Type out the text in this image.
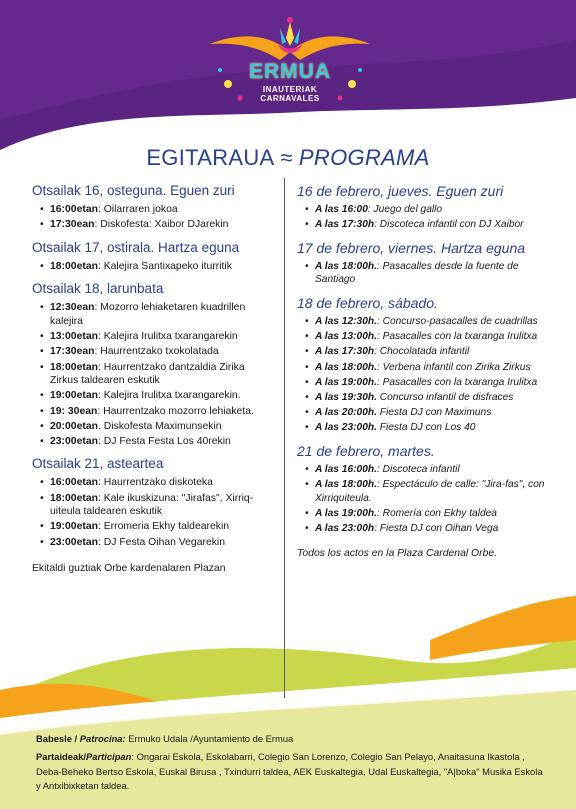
ERMUA
INAUTERIAK
CARNAVALES
EGITARAUA ≈ PROGRAMA
Otsailak 16, osteguna. Eguen zuri
• 16:00etan: Oilarraren jokoa
• 17:30ean: Diskofesta: Xaibor DJarekin
Otsailak 17, ostirala. Hartza eguna
• 18:00etan: Kalejira Santixapeko iturritik
Otsailak 18, larunbata
• 12:30ean: Mozorro lehiaketaren kuadrillen kalejira
• 13:00etan: Kalejira Irulitxa txarangarekin
• 17:30ean: Haurrentzako txokolatada
• 18:00etan: Haurrentzako dantzaldia Zirika Zirkus taldearen eskutik
• 19:00etan: Kalejira Irulitxa txarangarekin.
• 19: 30ean: Haurrentzako mozorro lehiaketa.
• 20:00etan. Diskofesta Maximunsekin
• 23:00etan: DJ Festa Festa Los 40rekin
Otsailak 21, asteartea
• 16:00etan: Haurrentzako diskoteka
• 18:00etan: Kale ikuskizuna: "Jirafas", Xirriq-uiteula taldearen eskutik
• 19:00etan: Erromeria Ekhy taldearekin
• 23:00etan: DJ Festa Oihan Vegarekin
Ekitaldi guztiak Orbe kardenalaren Plazan
16 de febrero, jueves. Eguen zuri
• A las 16:00: Juego del gallo
• A las 17:30h: Discoteca infantil con DJ Xaibor
17 de febrero, viernes. Hartza eguna
• A las 18:00h.: Pasacalles desde la fuente de Santiago
18 de febrero, sábado.
• A las 12:30h.: Concurso-pasacalles de cuadrillas
• A las 13:00h.: Pasacalles con la txaranga Irulitxa
• A las 17:30h: Chocolatada infantil
• A las 18:00h.: Verbena infantil con Zirika Zirkus
• A las 19:00h.: Pasacalles con la txaranga Irulitxa
• A las 19:30h. Concurso infantil de disfraces
• A las 20:00h. Fiesta DJ con Maximuns
• A las 23:00h. Fiesta DJ con Los 40
21 de febrero, martes.
• A las 16:00h.: Discoteca infantil
• A las 18:00h.: Espectáculo de calle: "Jira-fas", con Xirriquiteula.
• A las 19:00h.: Romería con Ekhy taldea
• A las 23:00h: Fiesta DJ con Oihan Vega
Todos los actos en la Plaza Cardenal Orbe.
Babesle / Patrocina: Ermuko Udala /Ayuntamiento de Ermua
Partaideak/Participan: Ongarai Eskola, Eskolabarri, Colegio San Lorenzo, Colegio San Pelayo, Anaitasuna Ikastola , Deba-Beheko Bertso Eskola, Euskal Birusa , Txindurri taldea, AEK Euskaltegia, Udal Euskaltegia, "A|boka" Musika Eskola y Antxibixketan taldea.
